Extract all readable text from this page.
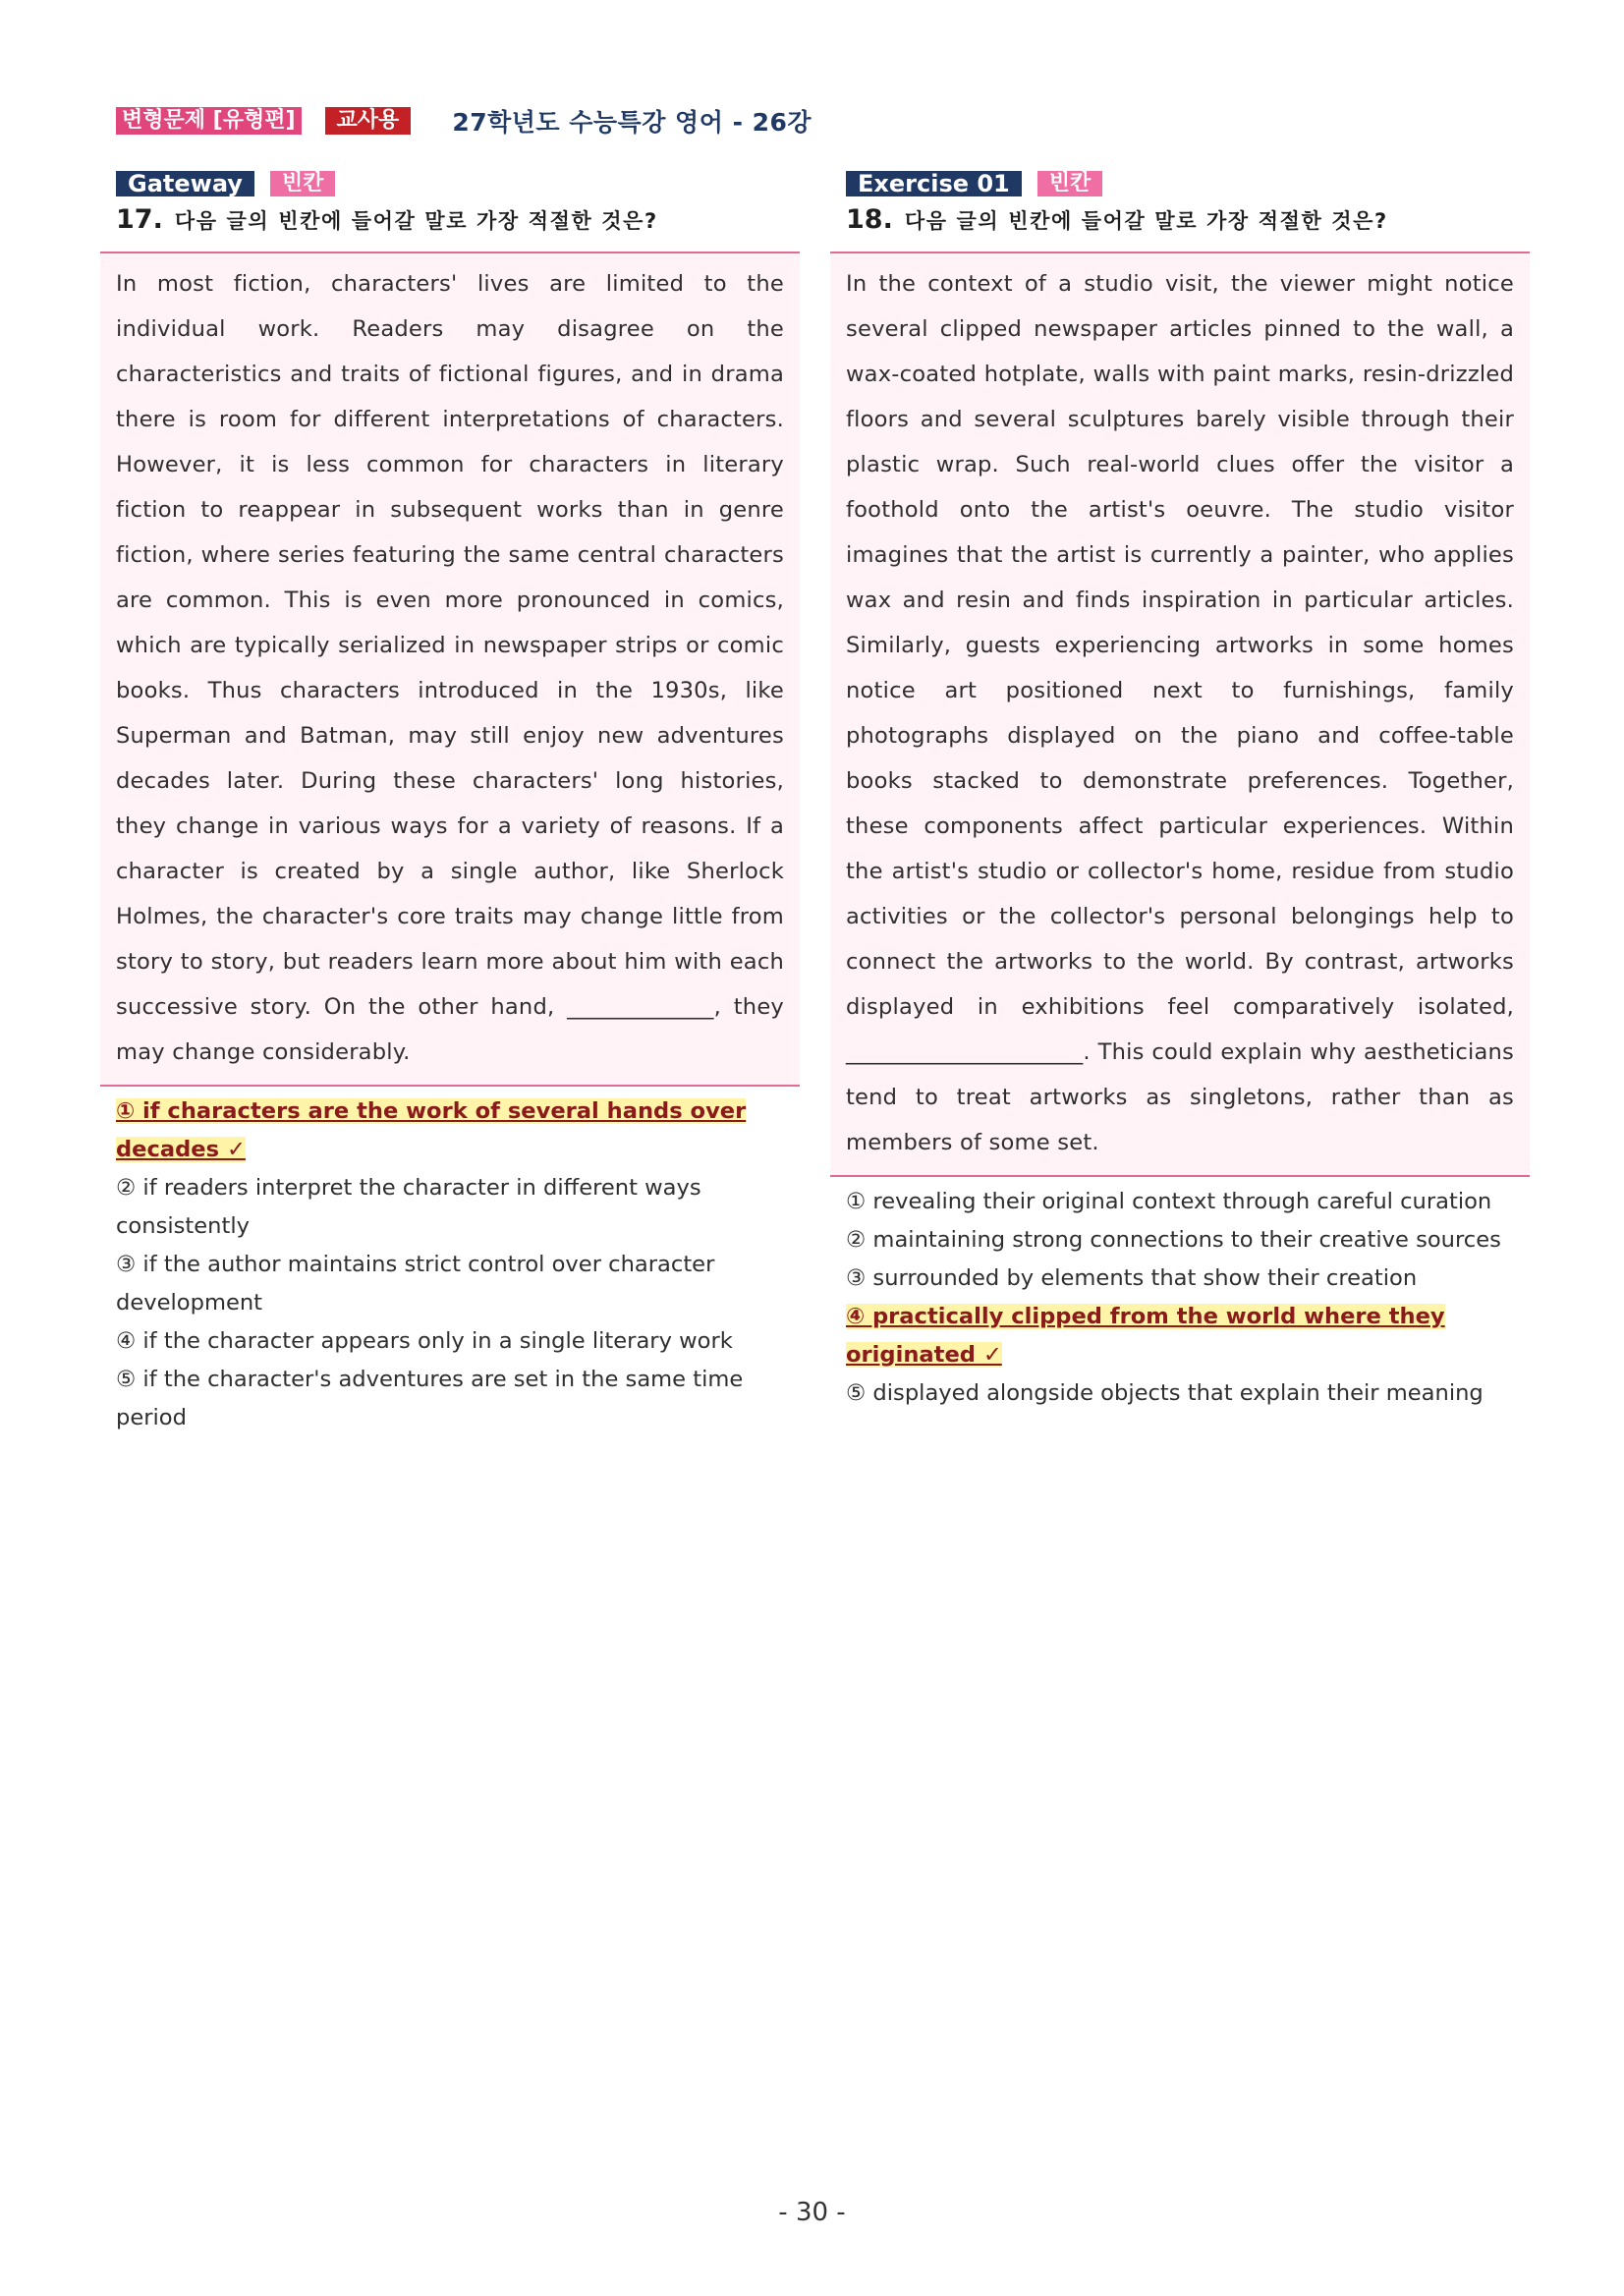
변형문제 [유형편]	교사용	27학년도 수능특강 영어 - 26강
Gateway	빈칸
17. 다음 글의 빈칸에 들어갈 말로 가장 적절한 것은?
In most fiction, characters' lives are limited to the individual work. Readers may disagree on the characteristics and traits of fictional figures, and in drama there is room for different interpretations of characters. However, it is less common for characters in literary fiction to reappear in subsequent works than in genre fiction, where series featuring the same central characters are common. This is even more pronounced in comics, which are typically serialized in newspaper strips or comic books. Thus characters introduced in the 1930s, like Superman and Batman, may still enjoy new adventures decades later. During these characters' long histories, they change in various ways for a variety of reasons. If a character is created by a single author, like Sherlock Holmes, the character's core traits may change little from story to story, but readers learn more about him with each successive story. On the other hand, _____________, they may change considerably.
① if characters are the work of several hands over decades ✓
② if readers interpret the character in different ways consistently
③ if the author maintains strict control over character development
④ if the character appears only in a single literary work
⑤ if the character's adventures are set in the same time period
Exercise 01	빈칸
18. 다음 글의 빈칸에 들어갈 말로 가장 적절한 것은?
In the context of a studio visit, the viewer might notice several clipped newspaper articles pinned to the wall, a wax-coated hotplate, walls with paint marks, resin-drizzled floors and several sculptures barely visible through their plastic wrap. Such real-world clues offer the visitor a foothold onto the artist's oeuvre. The studio visitor imagines that the artist is currently a painter, who applies wax and resin and finds inspiration in particular articles. Similarly, guests experiencing artworks in some homes notice art positioned next to furnishings, family photographs displayed on the piano and coffee-table books stacked to demonstrate preferences. Together, these components affect particular experiences. Within the artist's studio or collector's home, residue from studio activities or the collector's personal belongings help to connect the artworks to the world. By contrast, artworks displayed in exhibitions feel comparatively isolated, _____________________. This could explain why aestheticians tend to treat artworks as singletons, rather than as members of some set.
① revealing their original context through careful curation
② maintaining strong connections to their creative sources
③ surrounded by elements that show their creation
④ practically clipped from the world where they originated ✓
⑤ displayed alongside objects that explain their meaning
- 30 -
